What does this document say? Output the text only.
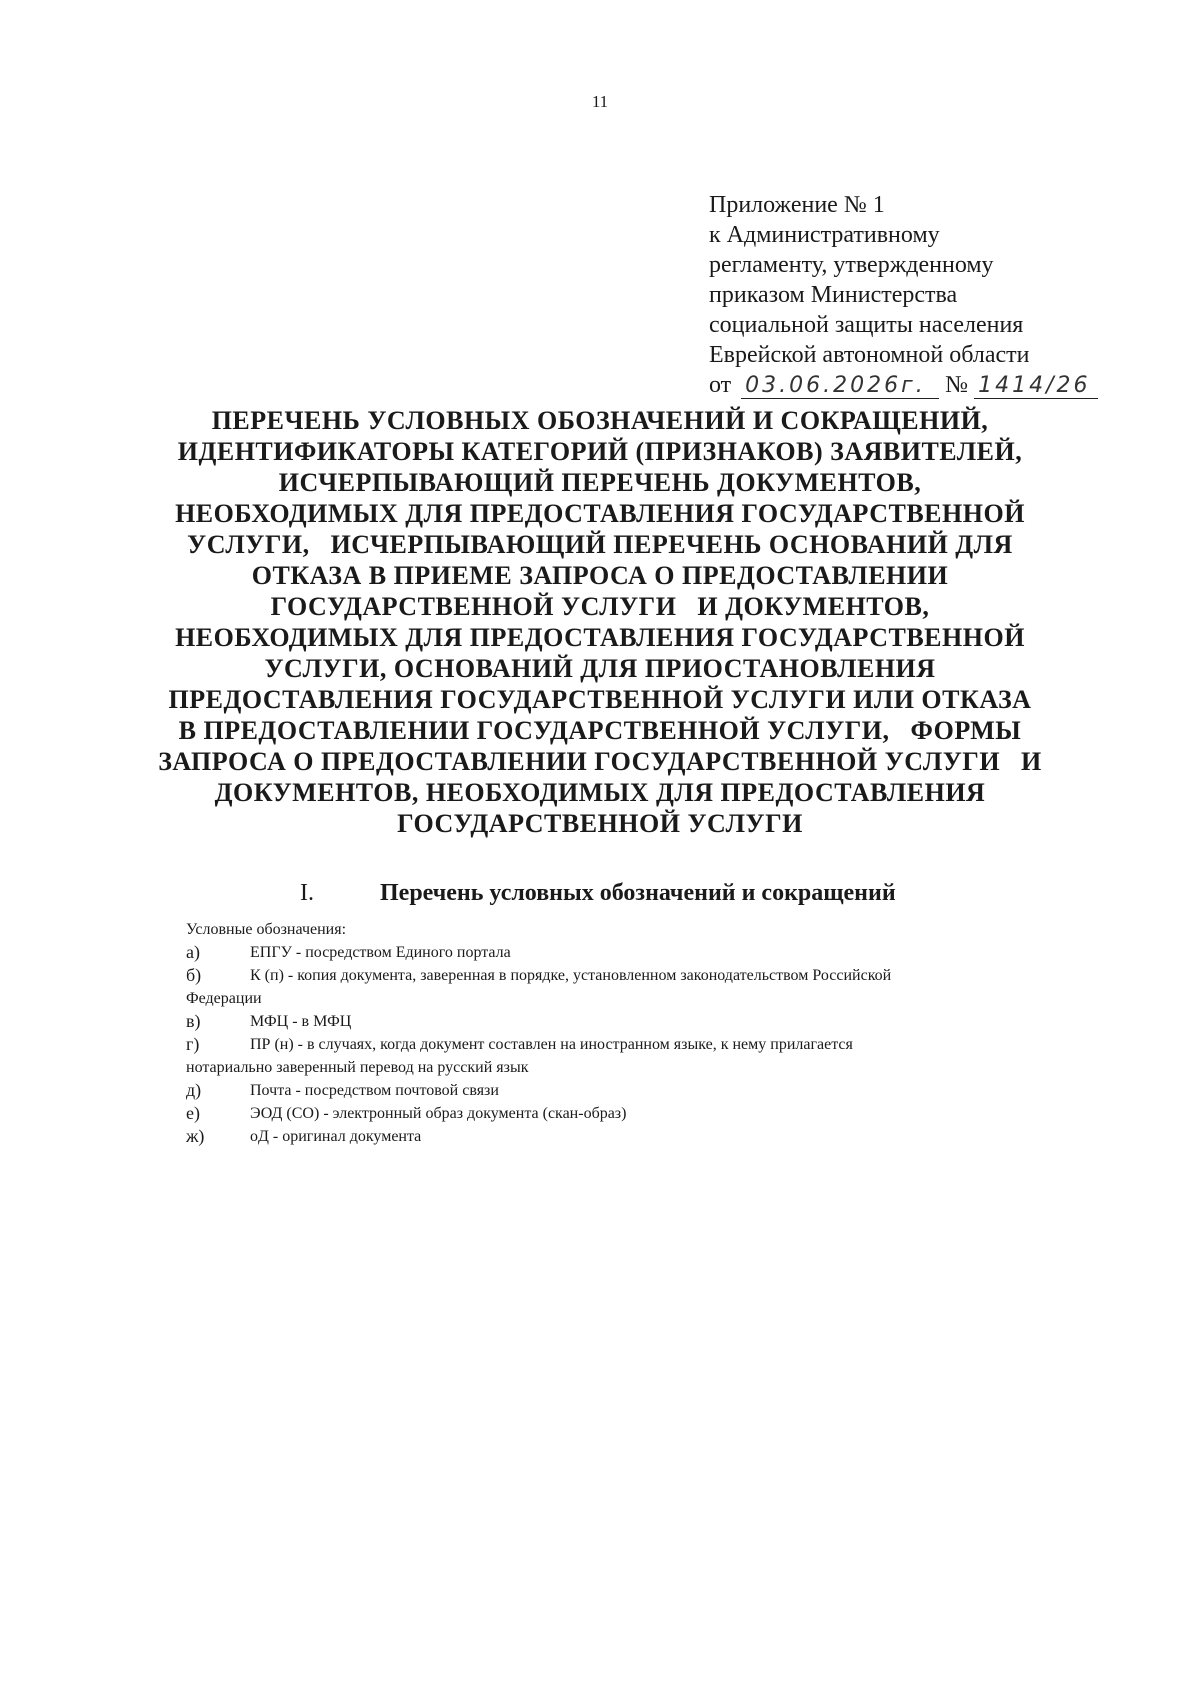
11
Приложение № 1
к Административному
регламенту, утвержденному
приказом Министерства
социальной защиты населения
Еврейской автономной области
от 03.06.2026г. № 1414/26
ПЕРЕЧЕНЬ УСЛОВНЫХ ОБОЗНАЧЕНИЙ И СОКРАЩЕНИЙ,
ИДЕНТИФИКАТОРЫ КАТЕГОРИЙ (ПРИЗНАКОВ) ЗАЯВИТЕЛЕЙ,
ИСЧЕРПЫВАЮЩИЙ ПЕРЕЧЕНЬ ДОКУМЕНТОВ,
НЕОБХОДИМЫХ ДЛЯ ПРЕДОСТАВЛЕНИЯ ГОСУДАРСТВЕННОЙ
УСЛУГИ,   ИСЧЕРПЫВАЮЩИЙ ПЕРЕЧЕНЬ ОСНОВАНИЙ ДЛЯ
ОТКАЗА В ПРИЕМЕ ЗАПРОСА О ПРЕДОСТАВЛЕНИИ
ГОСУДАРСТВЕННОЙ УСЛУГИ   И ДОКУМЕНТОВ,
НЕОБХОДИМЫХ ДЛЯ ПРЕДОСТАВЛЕНИЯ ГОСУДАРСТВЕННОЙ
УСЛУГИ, ОСНОВАНИЙ ДЛЯ ПРИОСТАНОВЛЕНИЯ
ПРЕДОСТАВЛЕНИЯ ГОСУДАРСТВЕННОЙ УСЛУГИ ИЛИ ОТКАЗА
В ПРЕДОСТАВЛЕНИИ ГОСУДАРСТВЕННОЙ УСЛУГИ,   ФОРМЫ
ЗАПРОСА О ПРЕДОСТАВЛЕНИИ ГОСУДАРСТВЕННОЙ УСЛУГИ   И
ДОКУМЕНТОВ, НЕОБХОДИМЫХ ДЛЯ ПРЕДОСТАВЛЕНИЯ
ГОСУДАРСТВЕННОЙ УСЛУГИ
I.	Перечень условных обозначений и сокращений
Условные обозначения:
а)	ЕПГУ - посредством Единого портала
б)	К (п) - копия документа, заверенная в порядке, установленном законодательством Российской
Федерации
в)	МФЦ - в МФЦ
г)	ПР (н) - в случаях, когда документ составлен на иностранном языке, к нему прилагается
нотариально заверенный перевод на русский язык
д)	Почта - посредством почтовой связи
е)	ЭОД (СО) - электронный образ документа (скан-образ)
ж)	оД - оригинал документа
